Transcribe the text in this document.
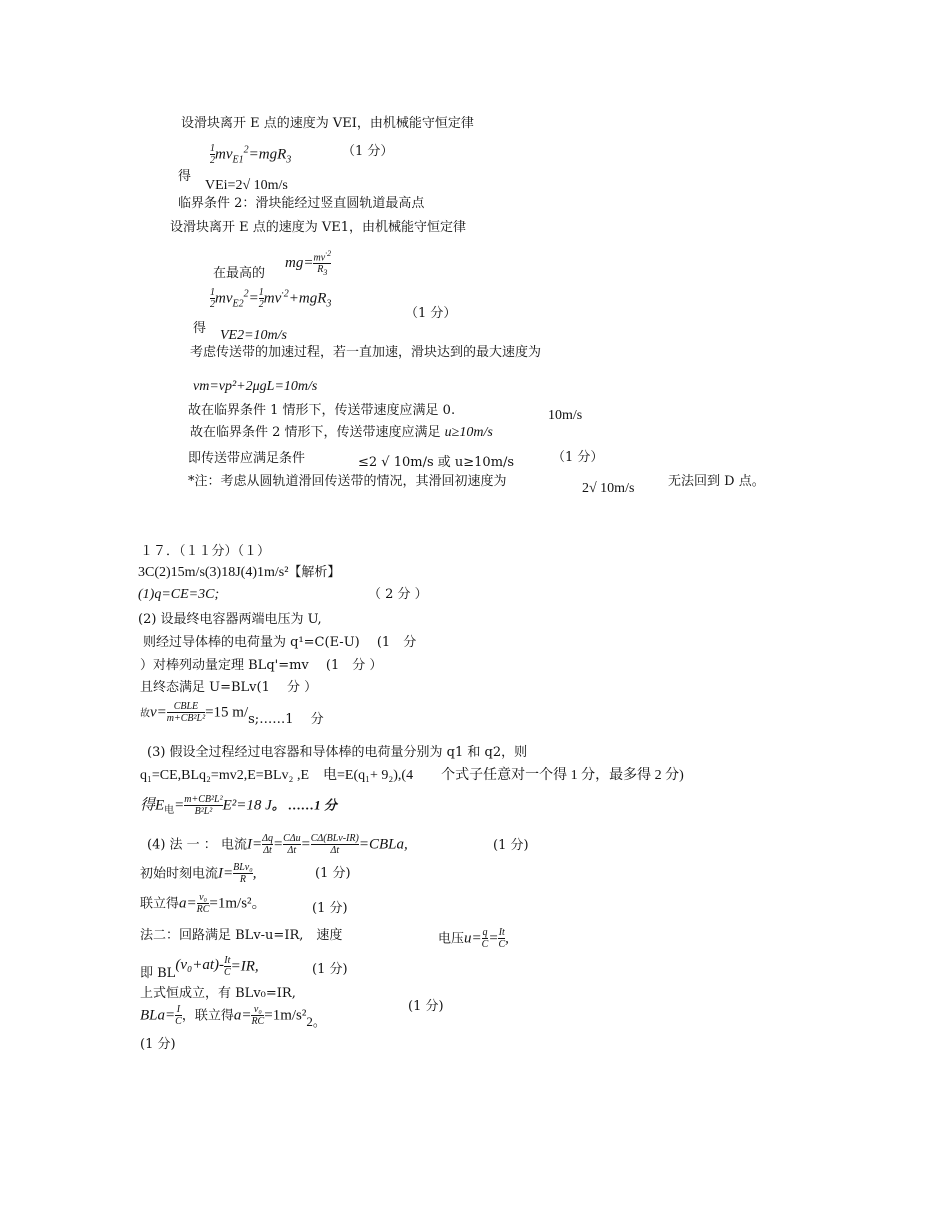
设滑块离开 E 点的速度为 VEI，由机械能守恒定律
$\frac{1}{2} mv_{E1}^2=mgR_3$
（1 分）
得
VEi=2√ 10m/s
临界条件 2：滑块能经过竖直圆轨道最高点
设滑块离开 E 点的速度为 VE1，由机械能守恒定律
在最高的
$mg= \frac{mv^{\cdot 2}}{R_3}$
$\frac{1}{2} mv_{E2}^2= \frac{1}{2} mv^{\cdot 2}+mgR_3$
（1 分）
得 VE2=10m/s
考虑传送带的加速过程，若一直加速，滑块达到的最大速度为
vm=vp²+2μgL=10m/s
故在临界条件 1 情形下，传送带速度应满足 0.	10m/s
故在临界条件 2 情形下，传送带速度应满足 u≥10m/s
即传送带应满足条件	≤2 √ 10m/s 或 u≥10m/s	（1 分）
*注：考虑从圆轨道滑回传送带的情况，其滑回初速度为	2√ 10m/s	无法回到 D 点。
１７．（１１分）（１）
3C(2)15m/s(3)18J(4)1m/s²【解析】
(1)q=CE=3C;	（ 2 分 ）
(2) 设最终电容器两端电压为 U,
则经过导体棒的电荷量为 q¹=C(E-U)　 (1　分
）对棒列动量定理 BLq'=mv　 (1　分 ）
且终态满足 U=BLv(1　 分 ）
故$v= \frac{\text{CBLE}}{\text{m+CB²L²}} =15$ m/s;……1　 分
(3) 假设全过程经过电容器和导体棒的电荷量分别为 q1 和 q2，则
q₁=CE,BLq₂=mv2,E=BLv₂ ,E　电=E(q₁+ 9₂),(4　　个式子任意对一个得 1 分，最多得 2 分)
得$E_电= \frac{\text{m+CB²L²}}{\text{B²L²}} E^2=18$ J。 ……1 分
(4) 法 一 ： 电流$I= \frac{\Delta q}{\Delta t} = \frac{\text{CΔu}}{\Delta t} = \frac{\text{CΔ(BLv-IR)}}{\Delta t}$ =CBLa,	(1 分)
初始时刻电流$I= \frac{\text{BLv₀}}{R}$ ,	(1 分)
联立得$a= \frac{\text{v₀}}{RC} =1m/s^2$。	(1 分)
法二：回路满足 BLv-u=IR,　速度	电压$u= \frac{q}{C} = \frac{It}{C}$ ,
即 $BL(v_0+at)- \frac{It}{C} =IR$,	(1 分)
上式恒成立，有 BLv₀=IR,
$BLa= \frac{I}{C}$ ，联立得$a= \frac{\text{v₀}}{RC} =1m/s^22$。
(1 分)
(1 分)
